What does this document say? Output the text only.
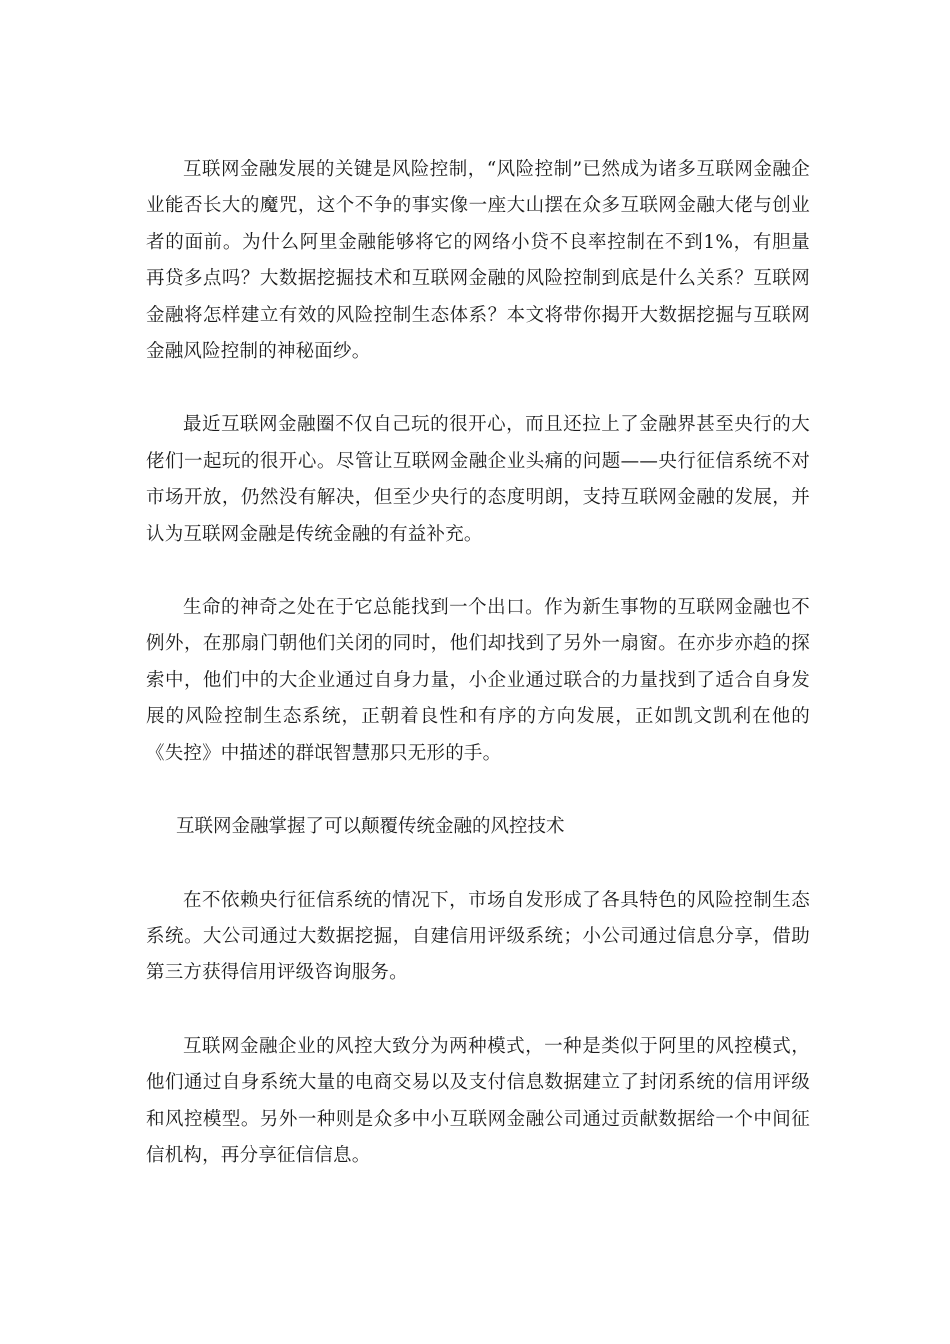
互联网金融发展的关键是风险控制，“风险控制”已然成为诸多互联网金融企业能否长大的魔咒，这个不争的事实像一座大山摆在众多互联网金融大佬与创业者的面前。为什么阿里金融能够将它的网络小贷不良率控制在不到1%，有胆量再贷多点吗？大数据挖掘技术和互联网金融的风险控制到底是什么关系？互联网金融将怎样建立有效的风险控制生态体系？本文将带你揭开大数据挖掘与互联网金融风险控制的神秘面纱。

最近互联网金融圈不仅自己玩的很开心，而且还拉上了金融界甚至央行的大佬们一起玩的很开心。尽管让互联网金融企业头痛的问题——央行征信系统不对市场开放，仍然没有解决，但至少央行的态度明朗，支持互联网金融的发展，并认为互联网金融是传统金融的有益补充。

生命的神奇之处在于它总能找到一个出口。作为新生事物的互联网金融也不例外，在那扇门朝他们关闭的同时，他们却找到了另外一扇窗。在亦步亦趋的探索中，他们中的大企业通过自身力量，小企业通过联合的力量找到了适合自身发展的风险控制生态系统，正朝着良性和有序的方向发展，正如凯文凯利在他的《失控》中描述的群氓智慧那只无形的手。

互联网金融掌握了可以颠覆传统金融的风控技术

在不依赖央行征信系统的情况下，市场自发形成了各具特色的风险控制生态系统。大公司通过大数据挖掘，自建信用评级系统；小公司通过信息分享，借助第三方获得信用评级咨询服务。

互联网金融企业的风控大致分为两种模式，一种是类似于阿里的风控模式，他们通过自身系统大量的电商交易以及支付信息数据建立了封闭系统的信用评级和风控模型。另外一种则是众多中小互联网金融公司通过贡献数据给一个中间征信机构，再分享征信信息。
